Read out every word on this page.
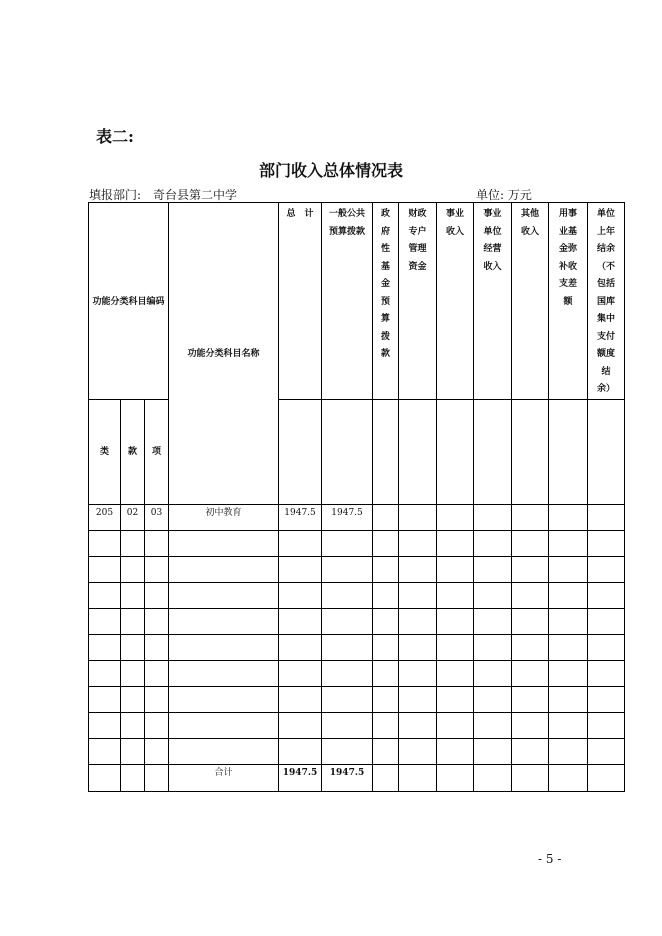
表二:
部门收入总体情况表
填报部门:　奇台县第二中学	单位: 万元
功能分类科目编码			功能分类科目名称	总　计	一般公共预算拨款	政府性基金预算拨款	财政专户管理资金	事业收入	事业单位经营收入	其他收入	用事业基金弥补收支差额	单位上年结余（不包括国库集中支付额度结余）

类	款	项										
205	02	03	初中教育	1947.5	1947.5							

			合计	1947.5	1947.5							
- 5 -
